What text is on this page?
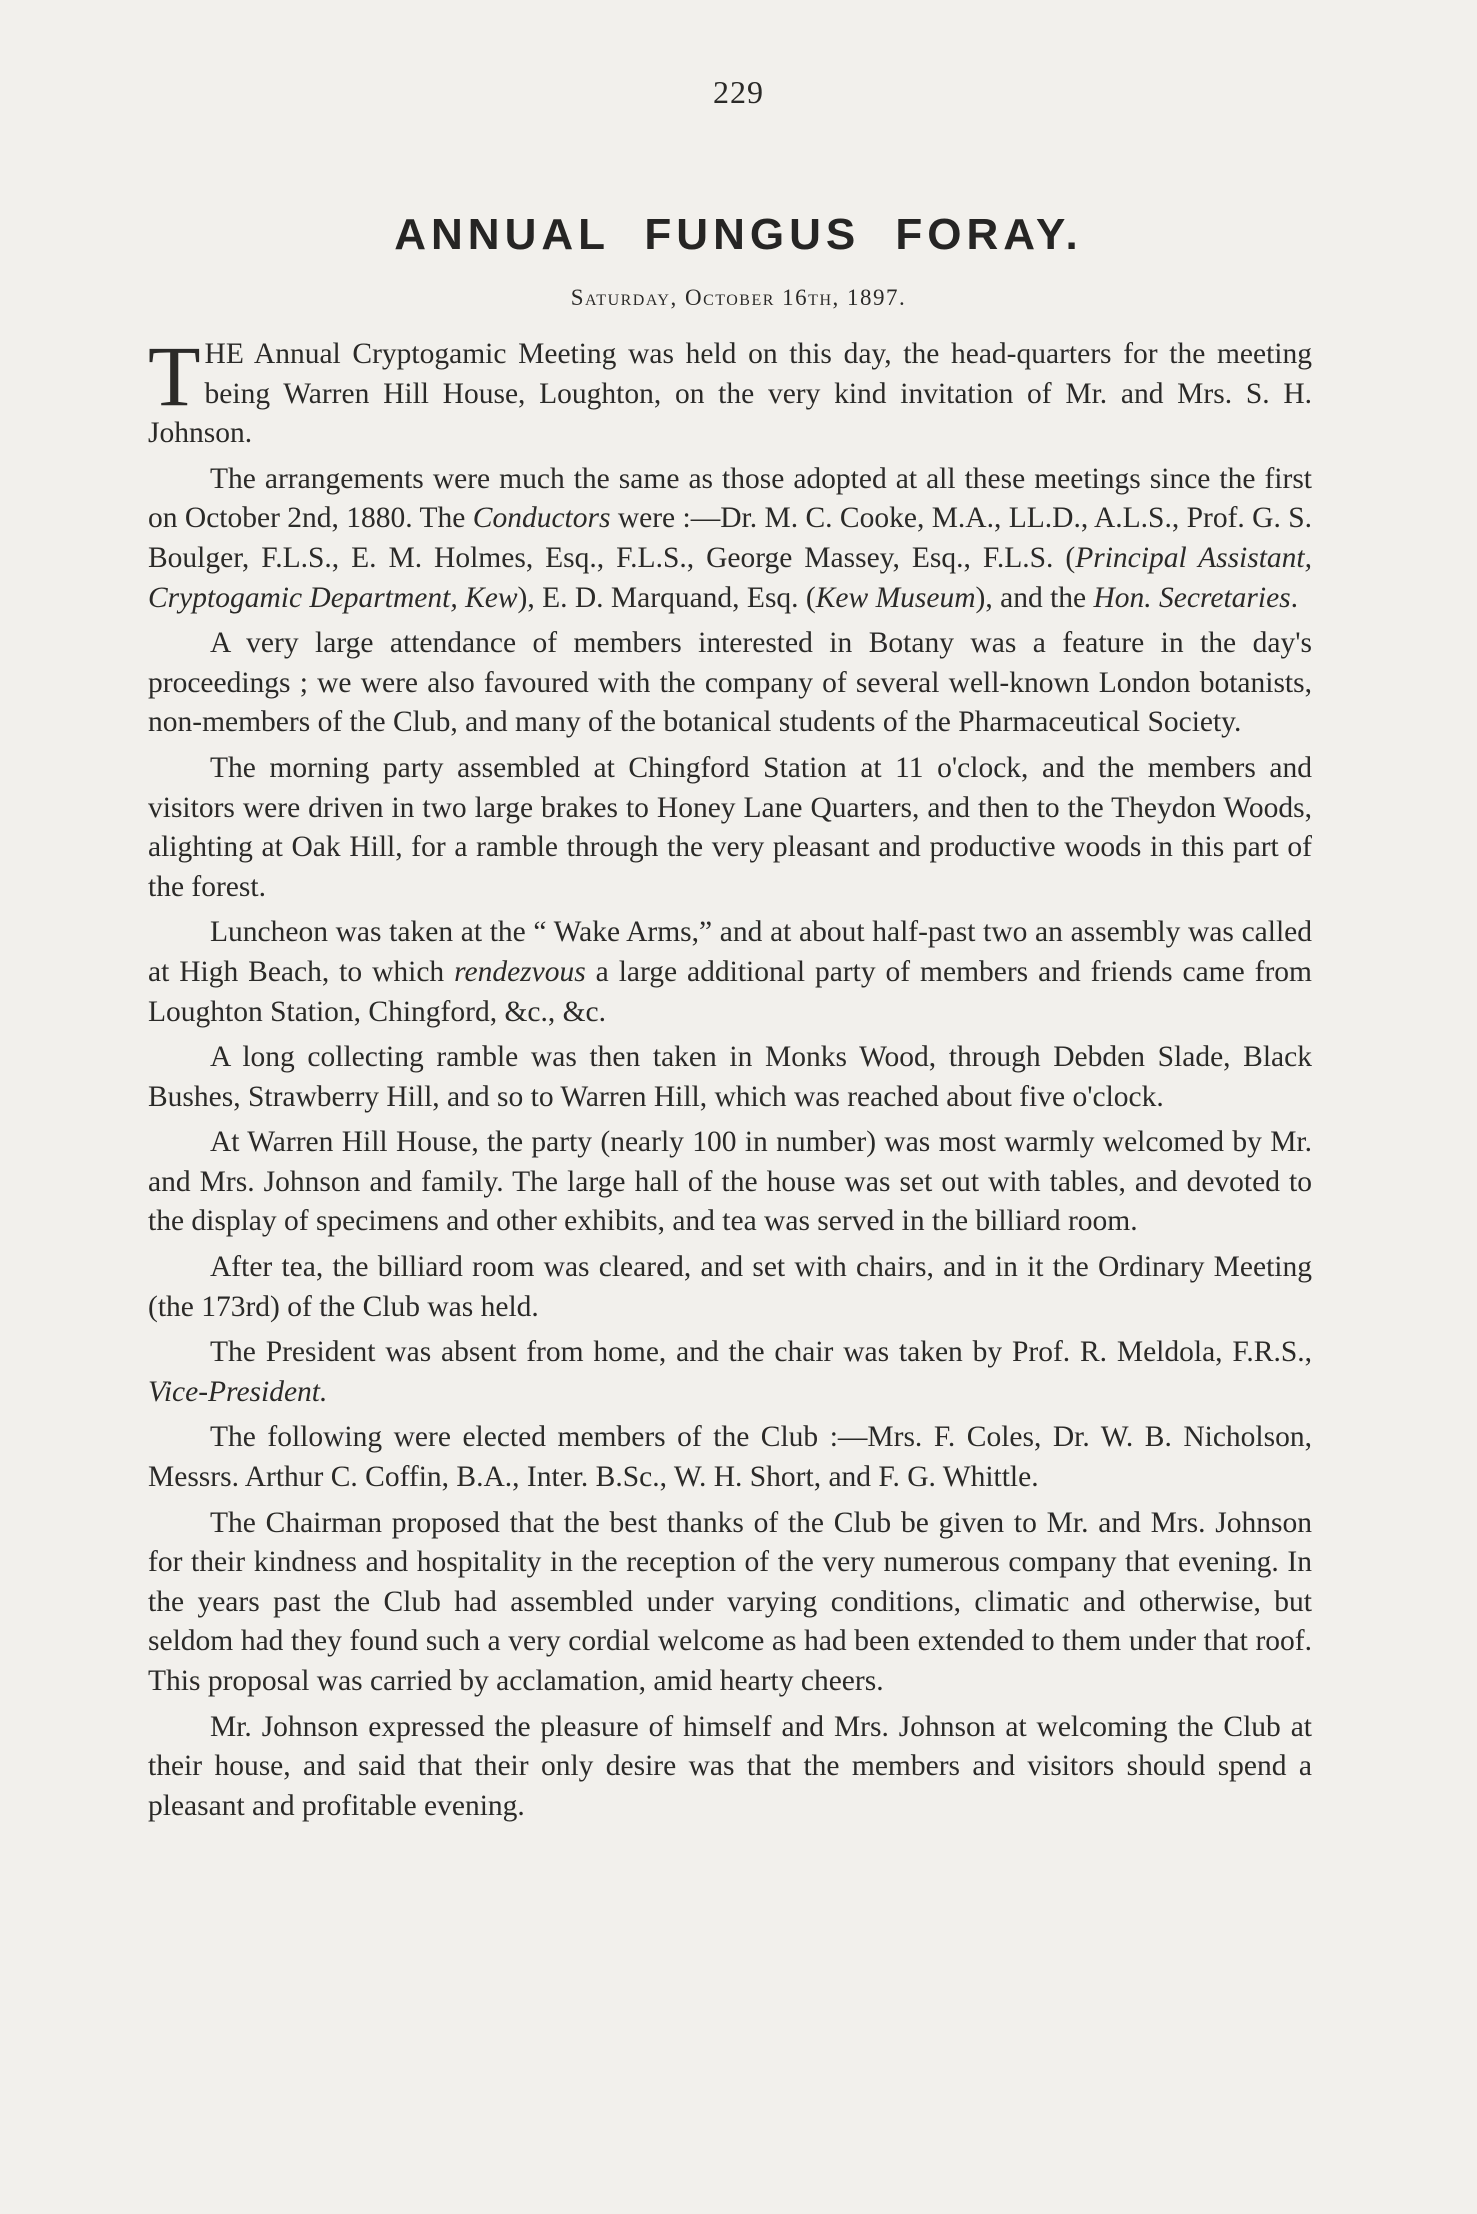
229
ANNUAL FUNGUS FORAY.
Saturday, October 16th, 1897.

THE Annual Cryptogamic Meeting was held on this day, the head-quarters for the meeting being Warren Hill House, Loughton, on the very kind invitation of Mr. and Mrs. S. H. Johnson.

The arrangements were much the same as those adopted at all these meetings since the first on October 2nd, 1880. The Conductors were :—Dr. M. C. Cooke, M.A., LL.D., A.L.S., Prof. G. S. Boulger, F.L.S., E. M. Holmes, Esq., F.L.S., George Massey, Esq., F.L.S. (Principal Assistant, Cryptogamic Department, Kew), E. D. Marquand, Esq. (Kew Museum), and the Hon. Secretaries.

A very large attendance of members interested in Botany was a feature in the day's proceedings ; we were also favoured with the company of several well-known London botanists, non-members of the Club, and many of the botanical students of the Pharmaceutical Society.

The morning party assembled at Chingford Station at 11 o'clock, and the members and visitors were driven in two large brakes to Honey Lane Quarters, and then to the Theydon Woods, alighting at Oak Hill, for a ramble through the very pleasant and productive woods in this part of the forest.

Luncheon was taken at the “ Wake Arms,” and at about half-past two an assembly was called at High Beach, to which rendezvous a large additional party of members and friends came from Loughton Station, Chingford, &c., &c.

A long collecting ramble was then taken in Monks Wood, through Debden Slade, Black Bushes, Strawberry Hill, and so to Warren Hill, which was reached about five o'clock.

At Warren Hill House, the party (nearly 100 in number) was most warmly welcomed by Mr. and Mrs. Johnson and family. The large hall of the house was set out with tables, and devoted to the display of specimens and other exhibits, and tea was served in the billiard room.

After tea, the billiard room was cleared, and set with chairs, and in it the Ordinary Meeting (the 173rd) of the Club was held.

The President was absent from home, and the chair was taken by Prof. R. Meldola, F.R.S., Vice-President.

The following were elected members of the Club :—Mrs. F. Coles, Dr. W. B. Nicholson, Messrs. Arthur C. Coffin, B.A., Inter. B.Sc., W. H. Short, and F. G. Whittle.

The Chairman proposed that the best thanks of the Club be given to Mr. and Mrs. Johnson for their kindness and hospitality in the reception of the very numerous company that evening. In the years past the Club had assembled under varying conditions, climatic and otherwise, but seldom had they found such a very cordial welcome as had been extended to them under that roof. This proposal was carried by acclamation, amid hearty cheers.

Mr. Johnson expressed the pleasure of himself and Mrs. Johnson at welcoming the Club at their house, and said that their only desire was that the members and visitors should spend a pleasant and profitable evening.
